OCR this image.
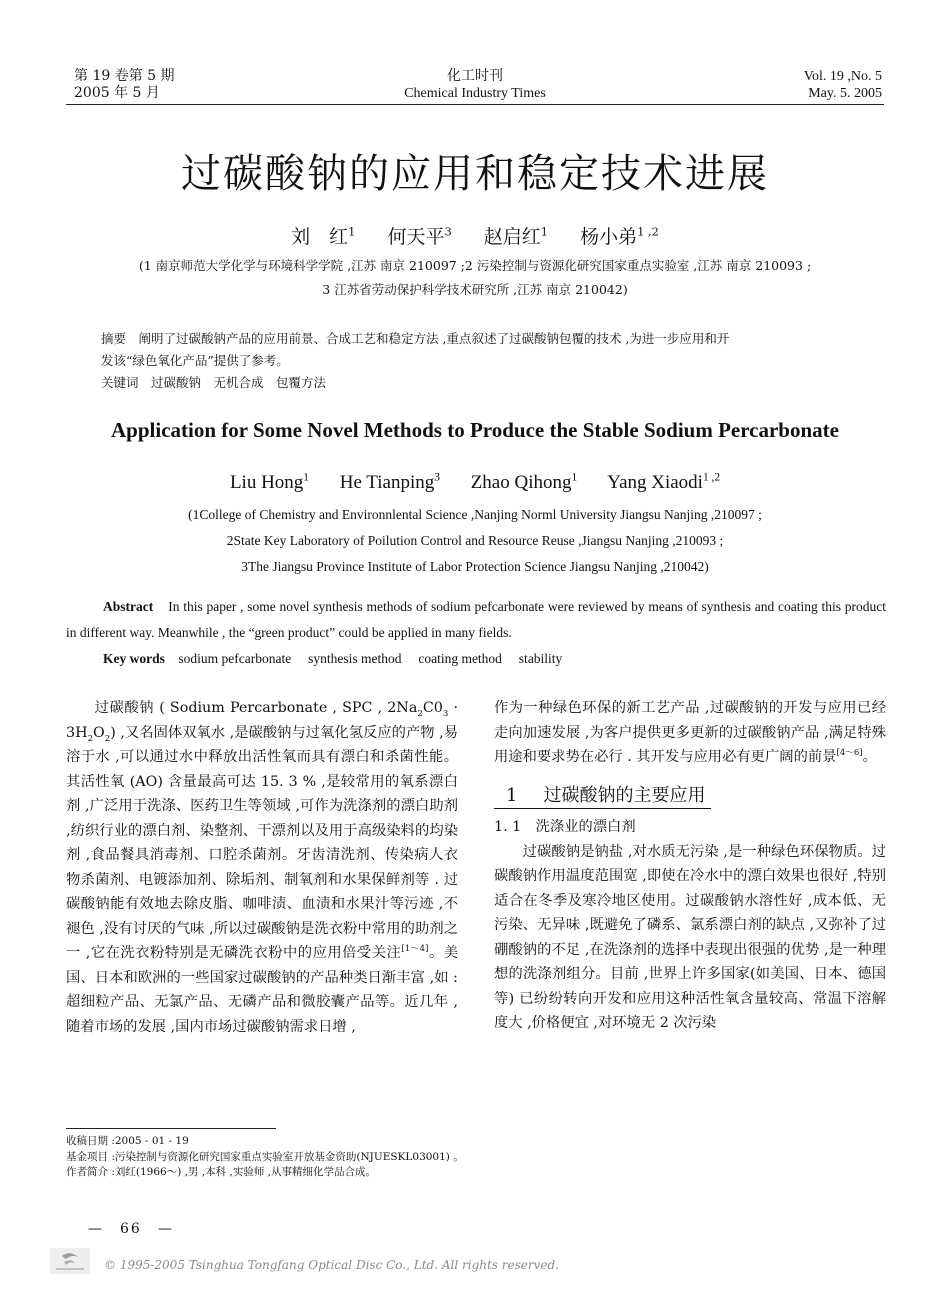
第 19 卷第 5 期
2005 年 5 月
化工时刊
Chemical Industry Times
Vol. 19 ,No. 5
May. 5. 2005
过碳酸钠的应用和稳定技术进展
刘　红$^1$ 何天平$^3$ 赵启红$^1$ 杨小弟$^{1 ,2}$
(1 南京师范大学化学与环境科学学院 ,江苏 南京 210097 ;2 污染控制与资源化研究国家重点实验室 ,江苏 南京 210093 ;
3 江苏省劳动保护科学技术研究所 ,江苏 南京 210042)
摘要　 阐明了过碳酸钠产品的应用前景、合成工艺和稳定方法 ,重点叙述了过碳酸钠包覆的技术 ,为进一步应用和开
发该“绿色氧化产品”提供了参考。
关键词　 过碳酸钠　无机合成　包覆方法
Application for Some Novel Methods to Produce the Stable Sodium Percarbonate
Liu Hong$^1$ He Tianping$^3$ Zhao Qihong$^1$ Yang Xiaodi$^{1 ,2}$
(1College of Chemistry and Environnlental Science ,Nanjing Norml University Jiangsu Nanjing ,210097 ;
2State Key Laboratory of Poilution Control and Resource Reuse ,Jiangsu Nanjing ,210093 ;
3The Jiangsu Province Institute of Labor Protection Science Jiangsu Nanjing ,210042)
Abstract In this paper , some novel synthesis methods of sodium pefcarbonate were reviewed by means of synthesis and coating this product in different way. Meanwhile , the “green product” could be applied in many fields.
Key words sodium pefcarbonate　 synthesis method　 coating method　 stability

过碳酸钠 ( Sodium Percarbonate , SPC , $2Na_2C0_3 \cdot 3H_2O_2$) ,又名固体双氧水 ,是碳酸钠与过氧化氢反应的产物 ,易溶于水 ,可以通过水中释放出活性氧而具有漂白和杀菌性能。其活性氧 (AO) 含量最高可达 15. 3 % ,是较常用的氧系漂白剂 ,广泛用于洗涤、医药卫生等领域 ,可作为洗涤剂的漂白助剂 ,纺织行业的漂白剂、染整剂、干漂剂以及用于高级染料的均染剂 ,食品餐具消毒剂、口腔杀菌剂。牙齿清洗剂、传染病人衣物杀菌剂、电镀添加剂、除垢剂、制氧剂和水果保鲜剂等 . 过碳酸钠能有效地去除皮脂、咖啡渍、血渍和水果汁等污迹 ,不褪色 ,没有讨厌的气味 ,所以过碳酸钠是洗衣粉中常用的助剂之一 ,它在洗衣粉特别是无磷洗衣粉中的应用倍受关注[1～4]。美国、日本和欧洲的一些国家过碳酸钠的产品种类日渐丰富 ,如 :超细粒产品、无氯产品、无磷产品和微胶囊产品等。近几年 ,随着市场的发展 ,国内市场过碳酸钠需求日增 ,

作为一种绿色环保的新工艺产品 ,过碳酸钠的开发与应用已经走向加速发展 ,为客户提供更多更新的过碳酸钠产品 ,满足特殊用途和要求势在必行 . 其开发与应用必有更广阔的前景[4～6]。

1 过碳酸钠的主要应用

1. 1　洗涤业的漂白剂

过碳酸钠是钠盐 ,对水质无污染 ,是一种绿色环保物质。过碳酸钠作用温度范围宽 ,即使在冷水中的漂白效果也很好 ,特别适合在冬季及寒冷地区使用。过碳酸钠水溶性好 ,成本低、无污染、无异味 ,既避免了磷系、氯系漂白剂的缺点 ,又弥补了过硼酸钠的不足 ,在洗涤剂的选择中表现出很强的优势 ,是一种理想的洗涤剂组分。目前 ,世界上许多国家(如美国、日本、德国等) 已纷纷转向开发和应用这种活性氧含量较高、常温下溶解度大 ,价格便宜 ,对环境无 2 次污染

收稿日期 :2005 - 01 - 19
基金项目 :污染控制与资源化研究国家重点实验室开放基金资助(NJUESKL03001) 。
作者简介 :刘红(1966～) ,男 ,本科 ,实验师 ,从事精细化学品合成。
—　66　—
© 1995-2005 Tsinghua Tongfang Optical Disc Co., Ltd. All rights reserved.
